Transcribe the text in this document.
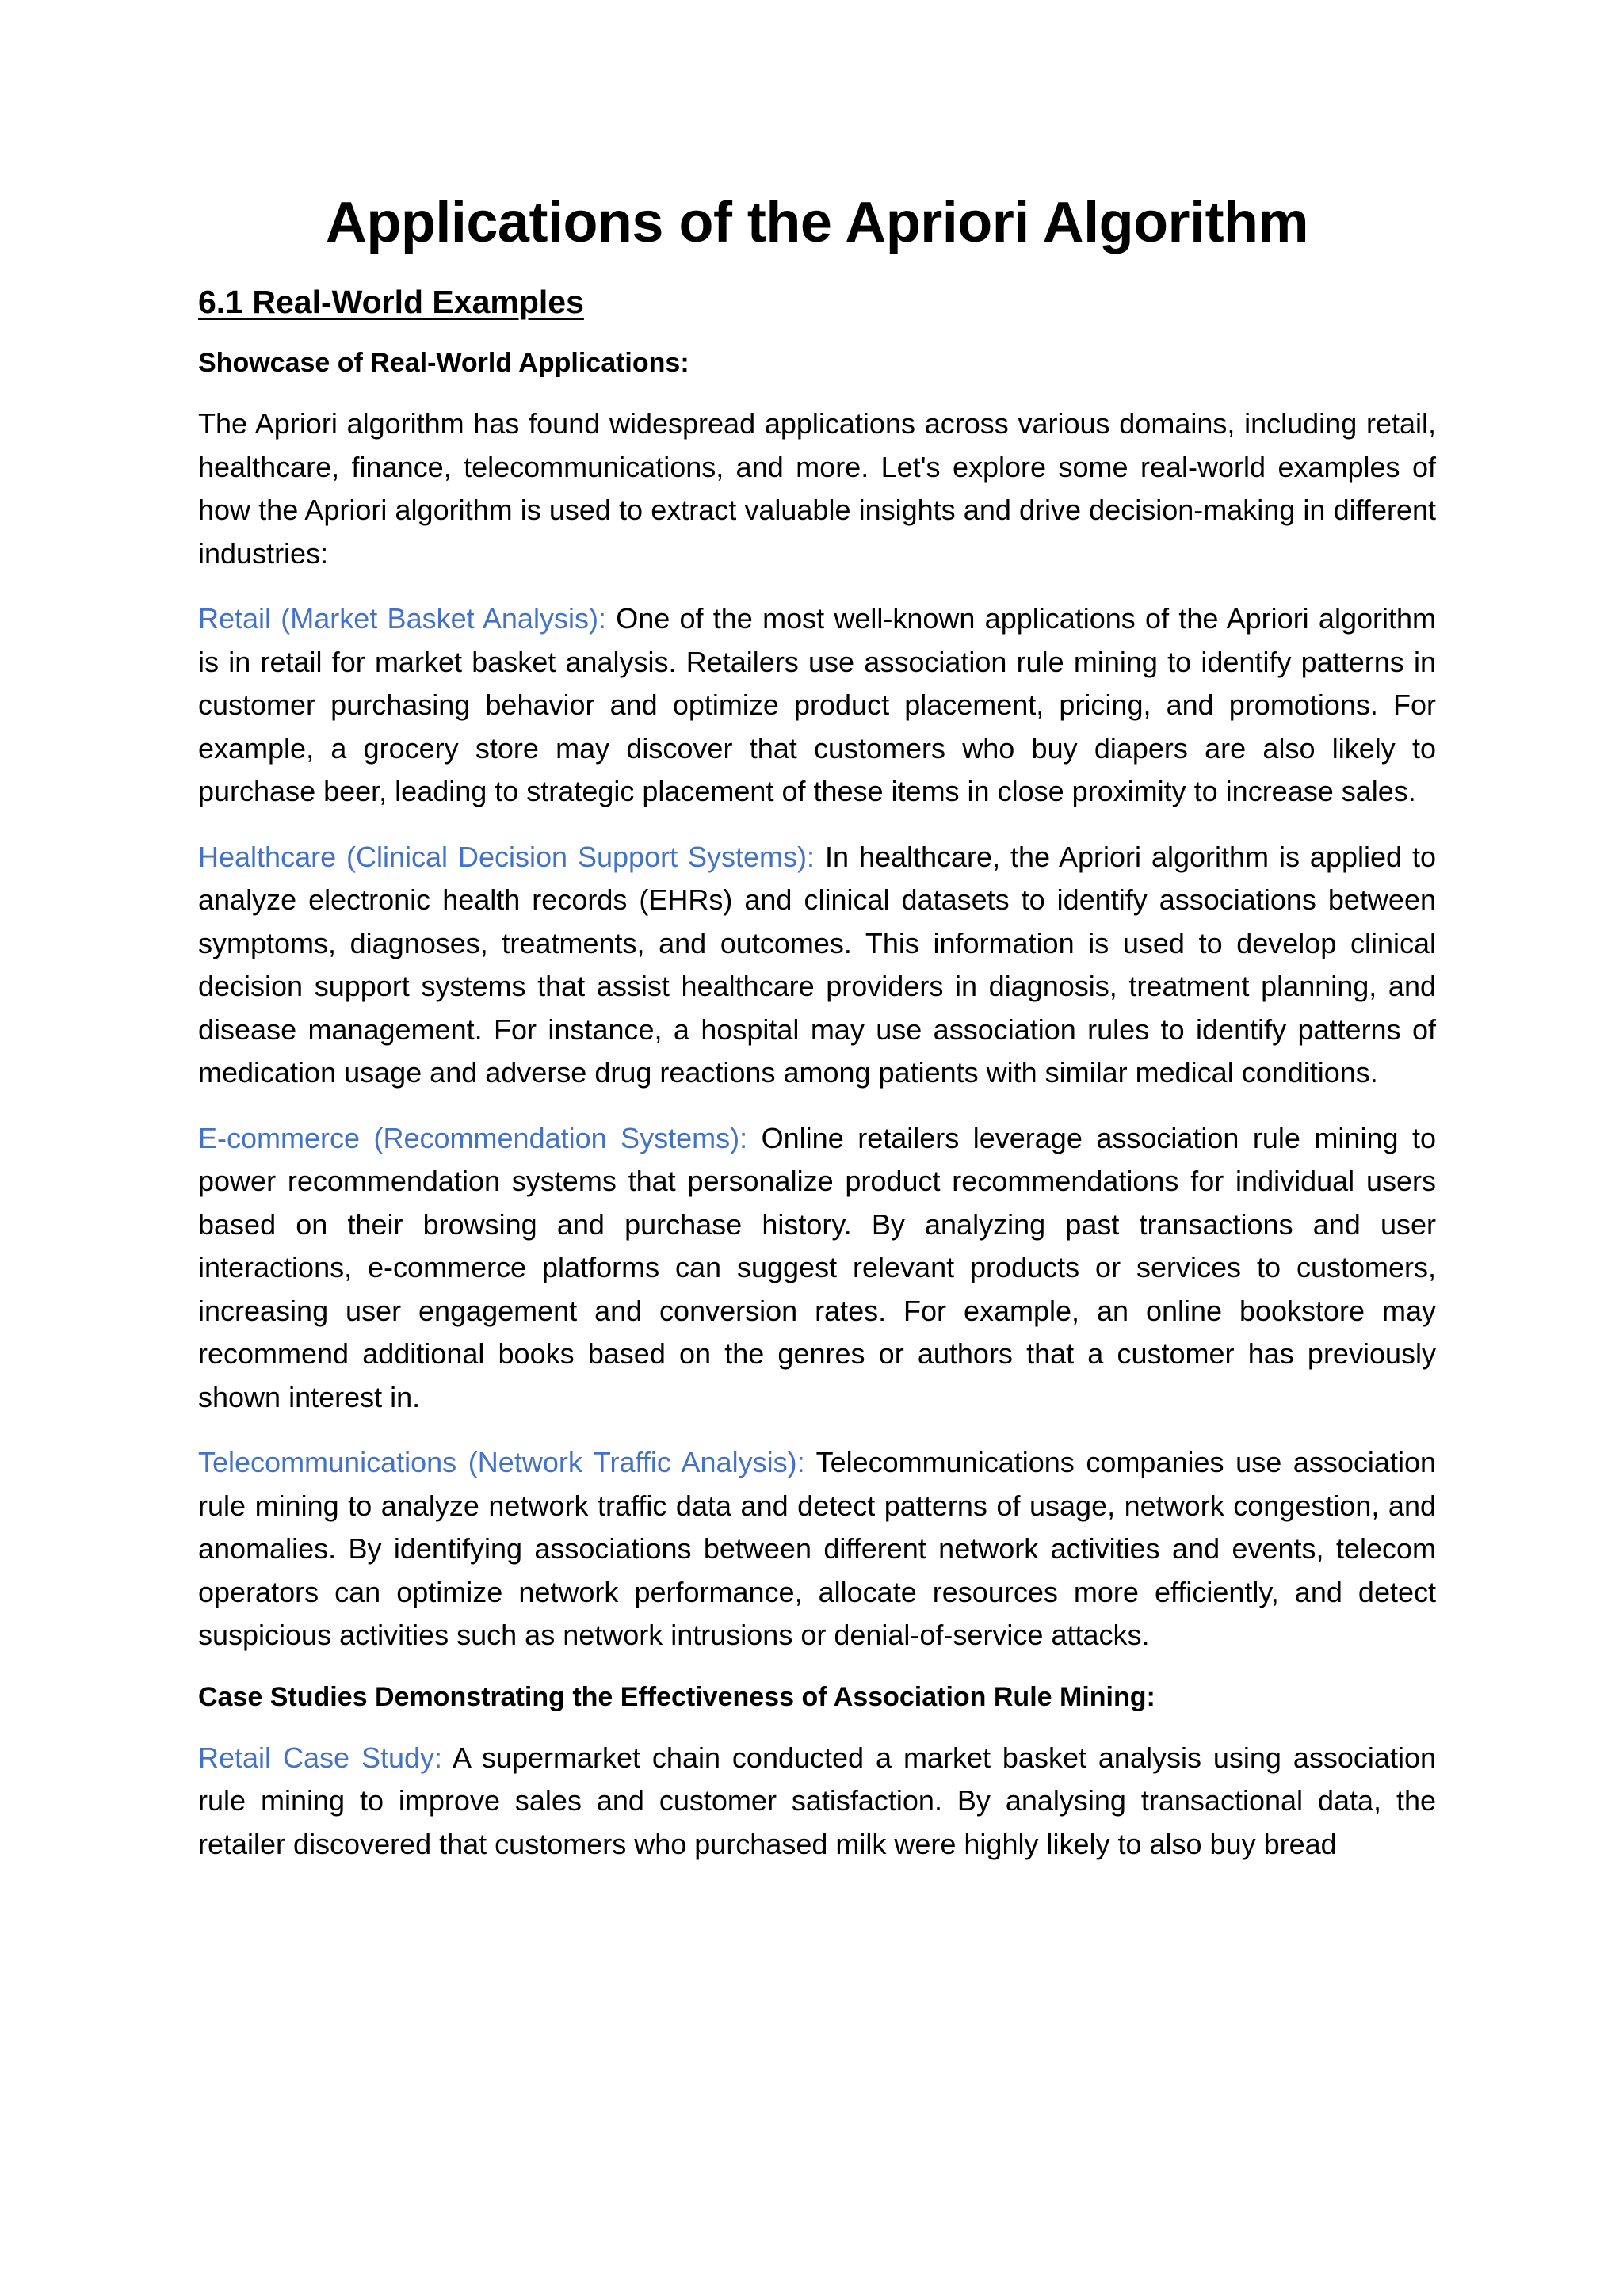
Applications of the Apriori Algorithm
6.1 Real-World Examples

Showcase of Real-World Applications:

The Apriori algorithm has found widespread applications across various domains, including retail, healthcare, finance, telecommunications, and more. Let's explore some real-world examples of how the Apriori algorithm is used to extract valuable insights and drive decision-making in different industries:

Retail (Market Basket Analysis): One of the most well-known applications of the Apriori algorithm is in retail for market basket analysis. Retailers use association rule mining to identify patterns in customer purchasing behavior and optimize product placement, pricing, and promotions. For example, a grocery store may discover that customers who buy diapers are also likely to purchase beer, leading to strategic placement of these items in close proximity to increase sales.

Healthcare (Clinical Decision Support Systems): In healthcare, the Apriori algorithm is applied to analyze electronic health records (EHRs) and clinical datasets to identify associations between symptoms, diagnoses, treatments, and outcomes. This information is used to develop clinical decision support systems that assist healthcare providers in diagnosis, treatment planning, and disease management. For instance, a hospital may use association rules to identify patterns of medication usage and adverse drug reactions among patients with similar medical conditions.

E-commerce (Recommendation Systems): Online retailers leverage association rule mining to power recommendation systems that personalize product recommendations for individual users based on their browsing and purchase history. By analyzing past transactions and user interactions, e-commerce platforms can suggest relevant products or services to customers, increasing user engagement and conversion rates. For example, an online bookstore may recommend additional books based on the genres or authors that a customer has previously shown interest in.

Telecommunications (Network Traffic Analysis): Telecommunications companies use association rule mining to analyze network traffic data and detect patterns of usage, network congestion, and anomalies. By identifying associations between different network activities and events, telecom operators can optimize network performance, allocate resources more efficiently, and detect suspicious activities such as network intrusions or denial-of-service attacks.

Case Studies Demonstrating the Effectiveness of Association Rule Mining:

Retail Case Study: A supermarket chain conducted a market basket analysis using association rule mining to improve sales and customer satisfaction. By analysing transactional data, the retailer discovered that customers who purchased milk were highly likely to also buy bread
